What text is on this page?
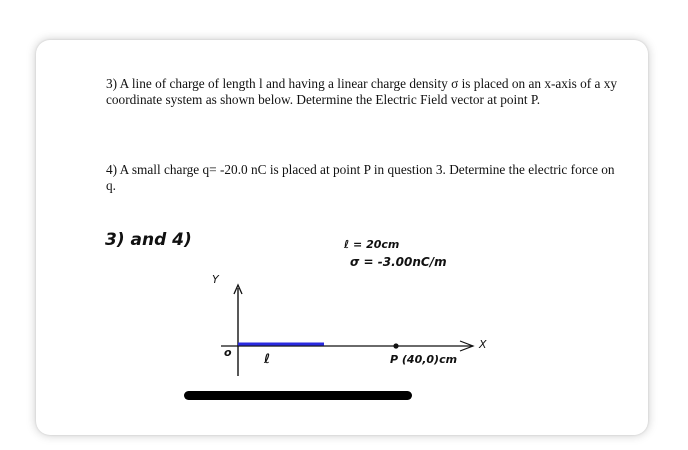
3) A line of charge of length l and having a linear charge density σ is placed on an x-axis of a xy coordinate system as shown below. Determine the Electric Field vector at point P.

4) A small charge q= -20.0 nC is placed at point P in question 3. Determine the electric force on q.

3) and 4)	ℓ = 20cm
σ = -3.00nC/m
Y
X
o ℓ	P (40,0)cm
